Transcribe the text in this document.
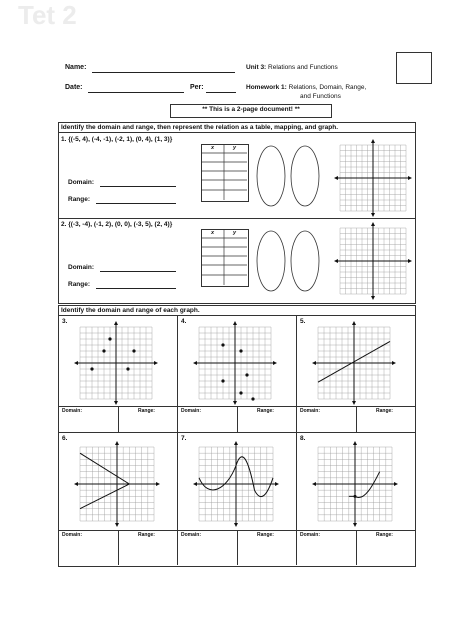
Tet 2
Name:
Date:	Per:
Unit 3: Relations and Functions
Homework 1: Relations, Domain, Range,
and Functions
** This is a 2-page document! **
Identify the domain and range, then represent the relation as a table, mapping, and graph.
1. {(-5, 4), (-4, -1), (-2, 1), (0, 4), (1, 3)}
Domain:
Range:
2. {(-3, -4), (-1, 2), (0, 0), (-3, 5), (2, 4)}
Domain:
Range:
x	y
x	y
Identify the domain and range of each graph.
3.	4.	5.
6.	7.	8.
Domain:	Range:	Domain:	Range:	Domain:	Range:
Domain:	Range:	Domain:	Range:	Domain:	Range:
